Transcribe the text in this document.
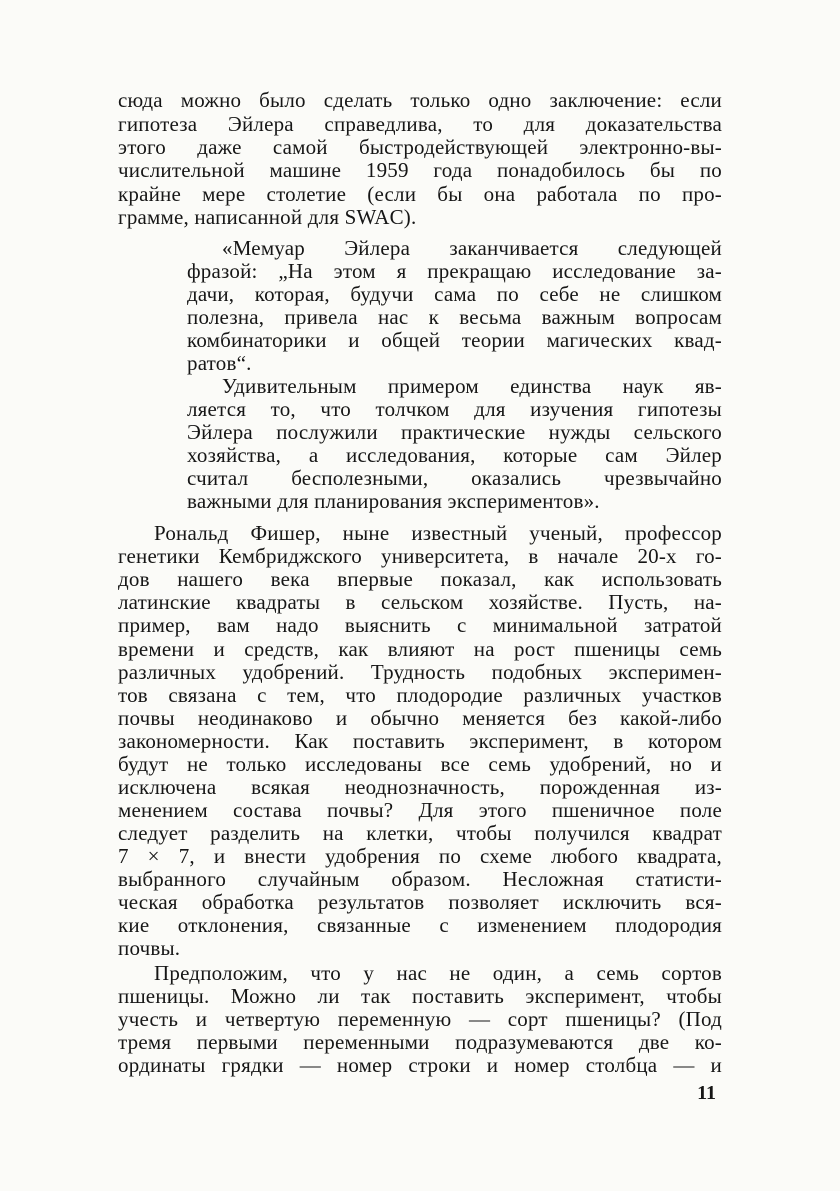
сюда можно было сделать только одно заключение: если
гипотеза Эйлера справедлива, то для доказательства
этого даже самой быстродействующей электронно-вы-
числительной машине 1959 года понадобилось бы по
крайне мере столетие (если бы она работала по про-
грамме, написанной для SWAC).
«Мемуар Эйлера заканчивается следующей
фразой: „На этом я прекращаю исследование за-
дачи, которая, будучи сама по себе не слишком
полезна, привела нас к весьма важным вопросам
комбинаторики и общей теории магических квад-
ратов“.
Удивительным примером единства наук яв-
ляется то, что толчком для изучения гипотезы
Эйлера послужили практические нужды сельского
хозяйства, а исследования, которые сам Эйлер
считал бесполезными, оказались чрезвычайно
важными для планирования экспериментов».
Рональд Фишер, ныне известный ученый, профессор
генетики Кембриджского университета, в начале 20-х го-
дов нашего века впервые показал, как использовать
латинские квадраты в сельском хозяйстве. Пусть, на-
пример, вам надо выяснить с минимальной затратой
времени и средств, как влияют на рост пшеницы семь
различных удобрений. Трудность подобных эксперимен-
тов связана с тем, что плодородие различных участков
почвы неодинаково и обычно меняется без какой-либо
закономерности. Как поставить эксперимент, в котором
будут не только исследованы все семь удобрений, но и
исключена всякая неоднозначность, порожденная из-
менением состава почвы? Для этого пшеничное поле
следует разделить на клетки, чтобы получился квадрат
7 × 7, и внести удобрения по схеме любого квадрата,
выбранного случайным образом. Несложная статисти-
ческая обработка результатов позволяет исключить вся-
кие отклонения, связанные с изменением плодородия
почвы.
Предположим, что у нас не один, а семь сортов
пшеницы. Можно ли так поставить эксперимент, чтобы
учесть и четвертую переменную — сорт пшеницы? (Под
тремя первыми переменными подразумеваются две ко-
ординаты грядки — номер строки и номер столбца — и
11
